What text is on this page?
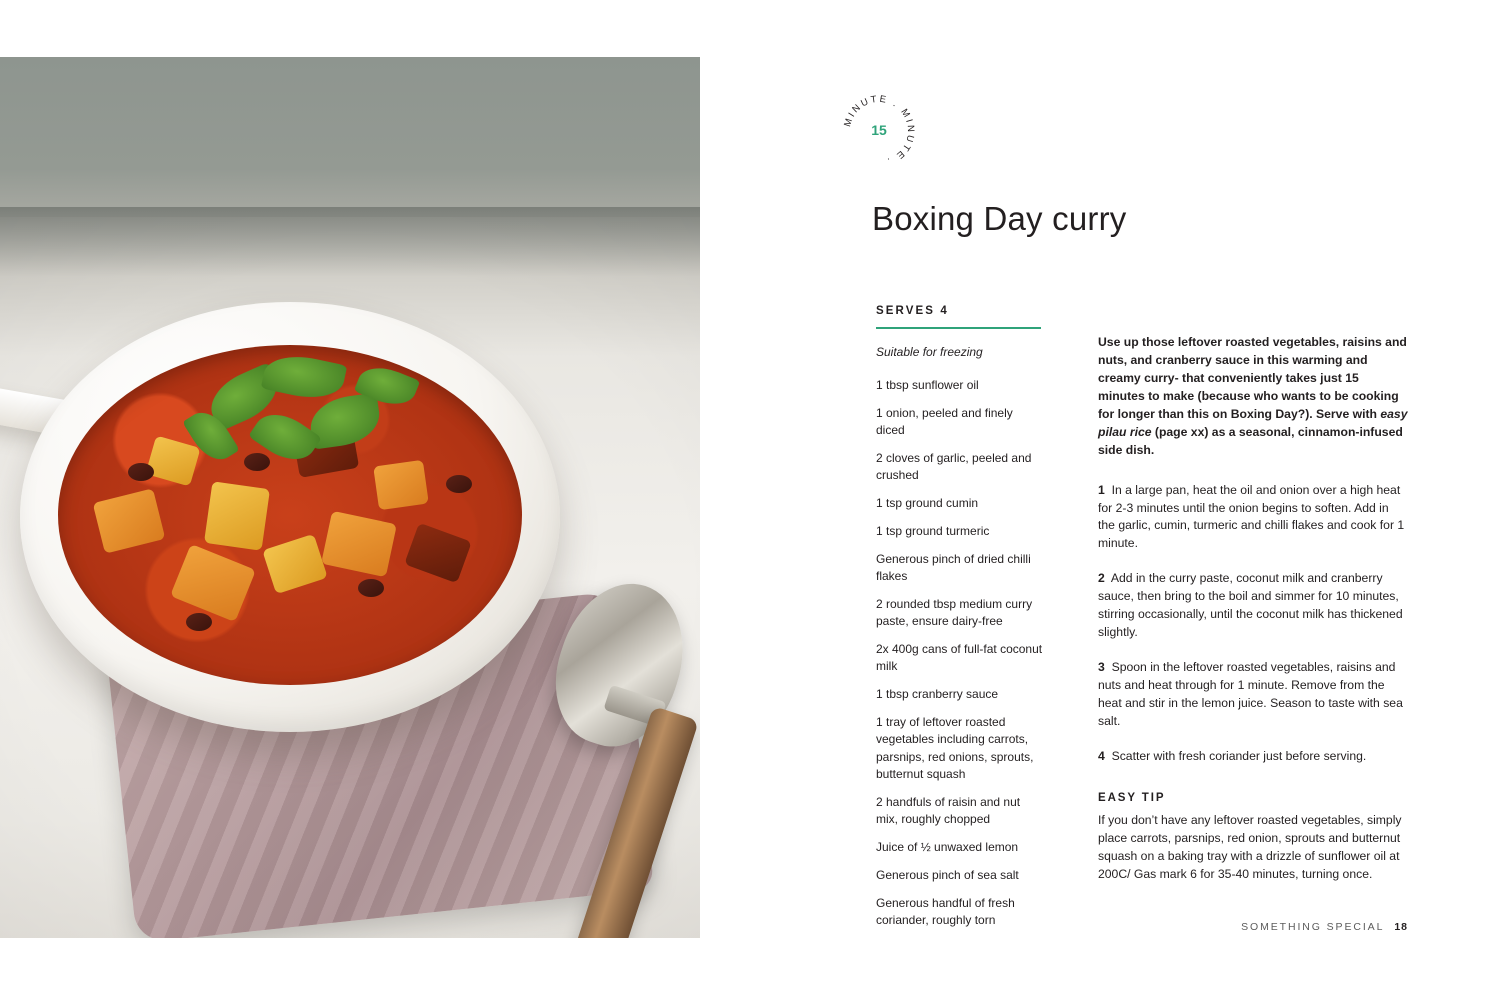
MINUTE . MINUTE .
15
Boxing Day curry
SERVES 4
Suitable for freezing
1 tbsp sunflower oil
1 onion, peeled and finely diced
2 cloves of garlic, peeled and crushed
1 tsp ground cumin
1 tsp ground turmeric
Generous pinch of dried chilli flakes
2 rounded tbsp medium curry paste, ensure dairy-free
2x 400g cans of full-fat coconut milk
1 tbsp cranberry sauce
1 tray of leftover roasted vegetables including carrots, parsnips, red onions, sprouts, butternut squash
2 handfuls of raisin and nut mix, roughly chopped
Juice of ½ unwaxed lemon
Generous pinch of sea salt
Generous handful of fresh coriander, roughly torn

Use up those leftover roasted vegetables, raisins and nuts, and cranberry sauce in this warming and creamy curry- that conveniently takes just 15 minutes to make (because who wants to be cooking for longer than this on Boxing Day?). Serve with easy pilau rice (page xx) as a seasonal, cinnamon-infused side dish.

1 In a large pan, heat the oil and onion over a high heat for 2-3 minutes until the onion begins to soften. Add in the garlic, cumin, turmeric and chilli flakes and cook for 1 minute.

2 Add in the curry paste, coconut milk and cranberry sauce, then bring to the boil and simmer for 10 minutes, stirring occasionally, until the coconut milk has thickened slightly.

3 Spoon in the leftover roasted vegetables, raisins and nuts and heat through for 1 minute. Remove from the heat and stir in the lemon juice. Season to taste with sea salt.

4 Scatter with fresh coriander just before serving.

EASY TIP

If you don’t have any leftover roasted vegetables, simply place carrots, parsnips, red onion, sprouts and butternut squash on a baking tray with a drizzle of sunflower oil at 200C/ Gas mark 6 for 35-40 minutes, turning once.

SOMETHING SPECIAL 18
